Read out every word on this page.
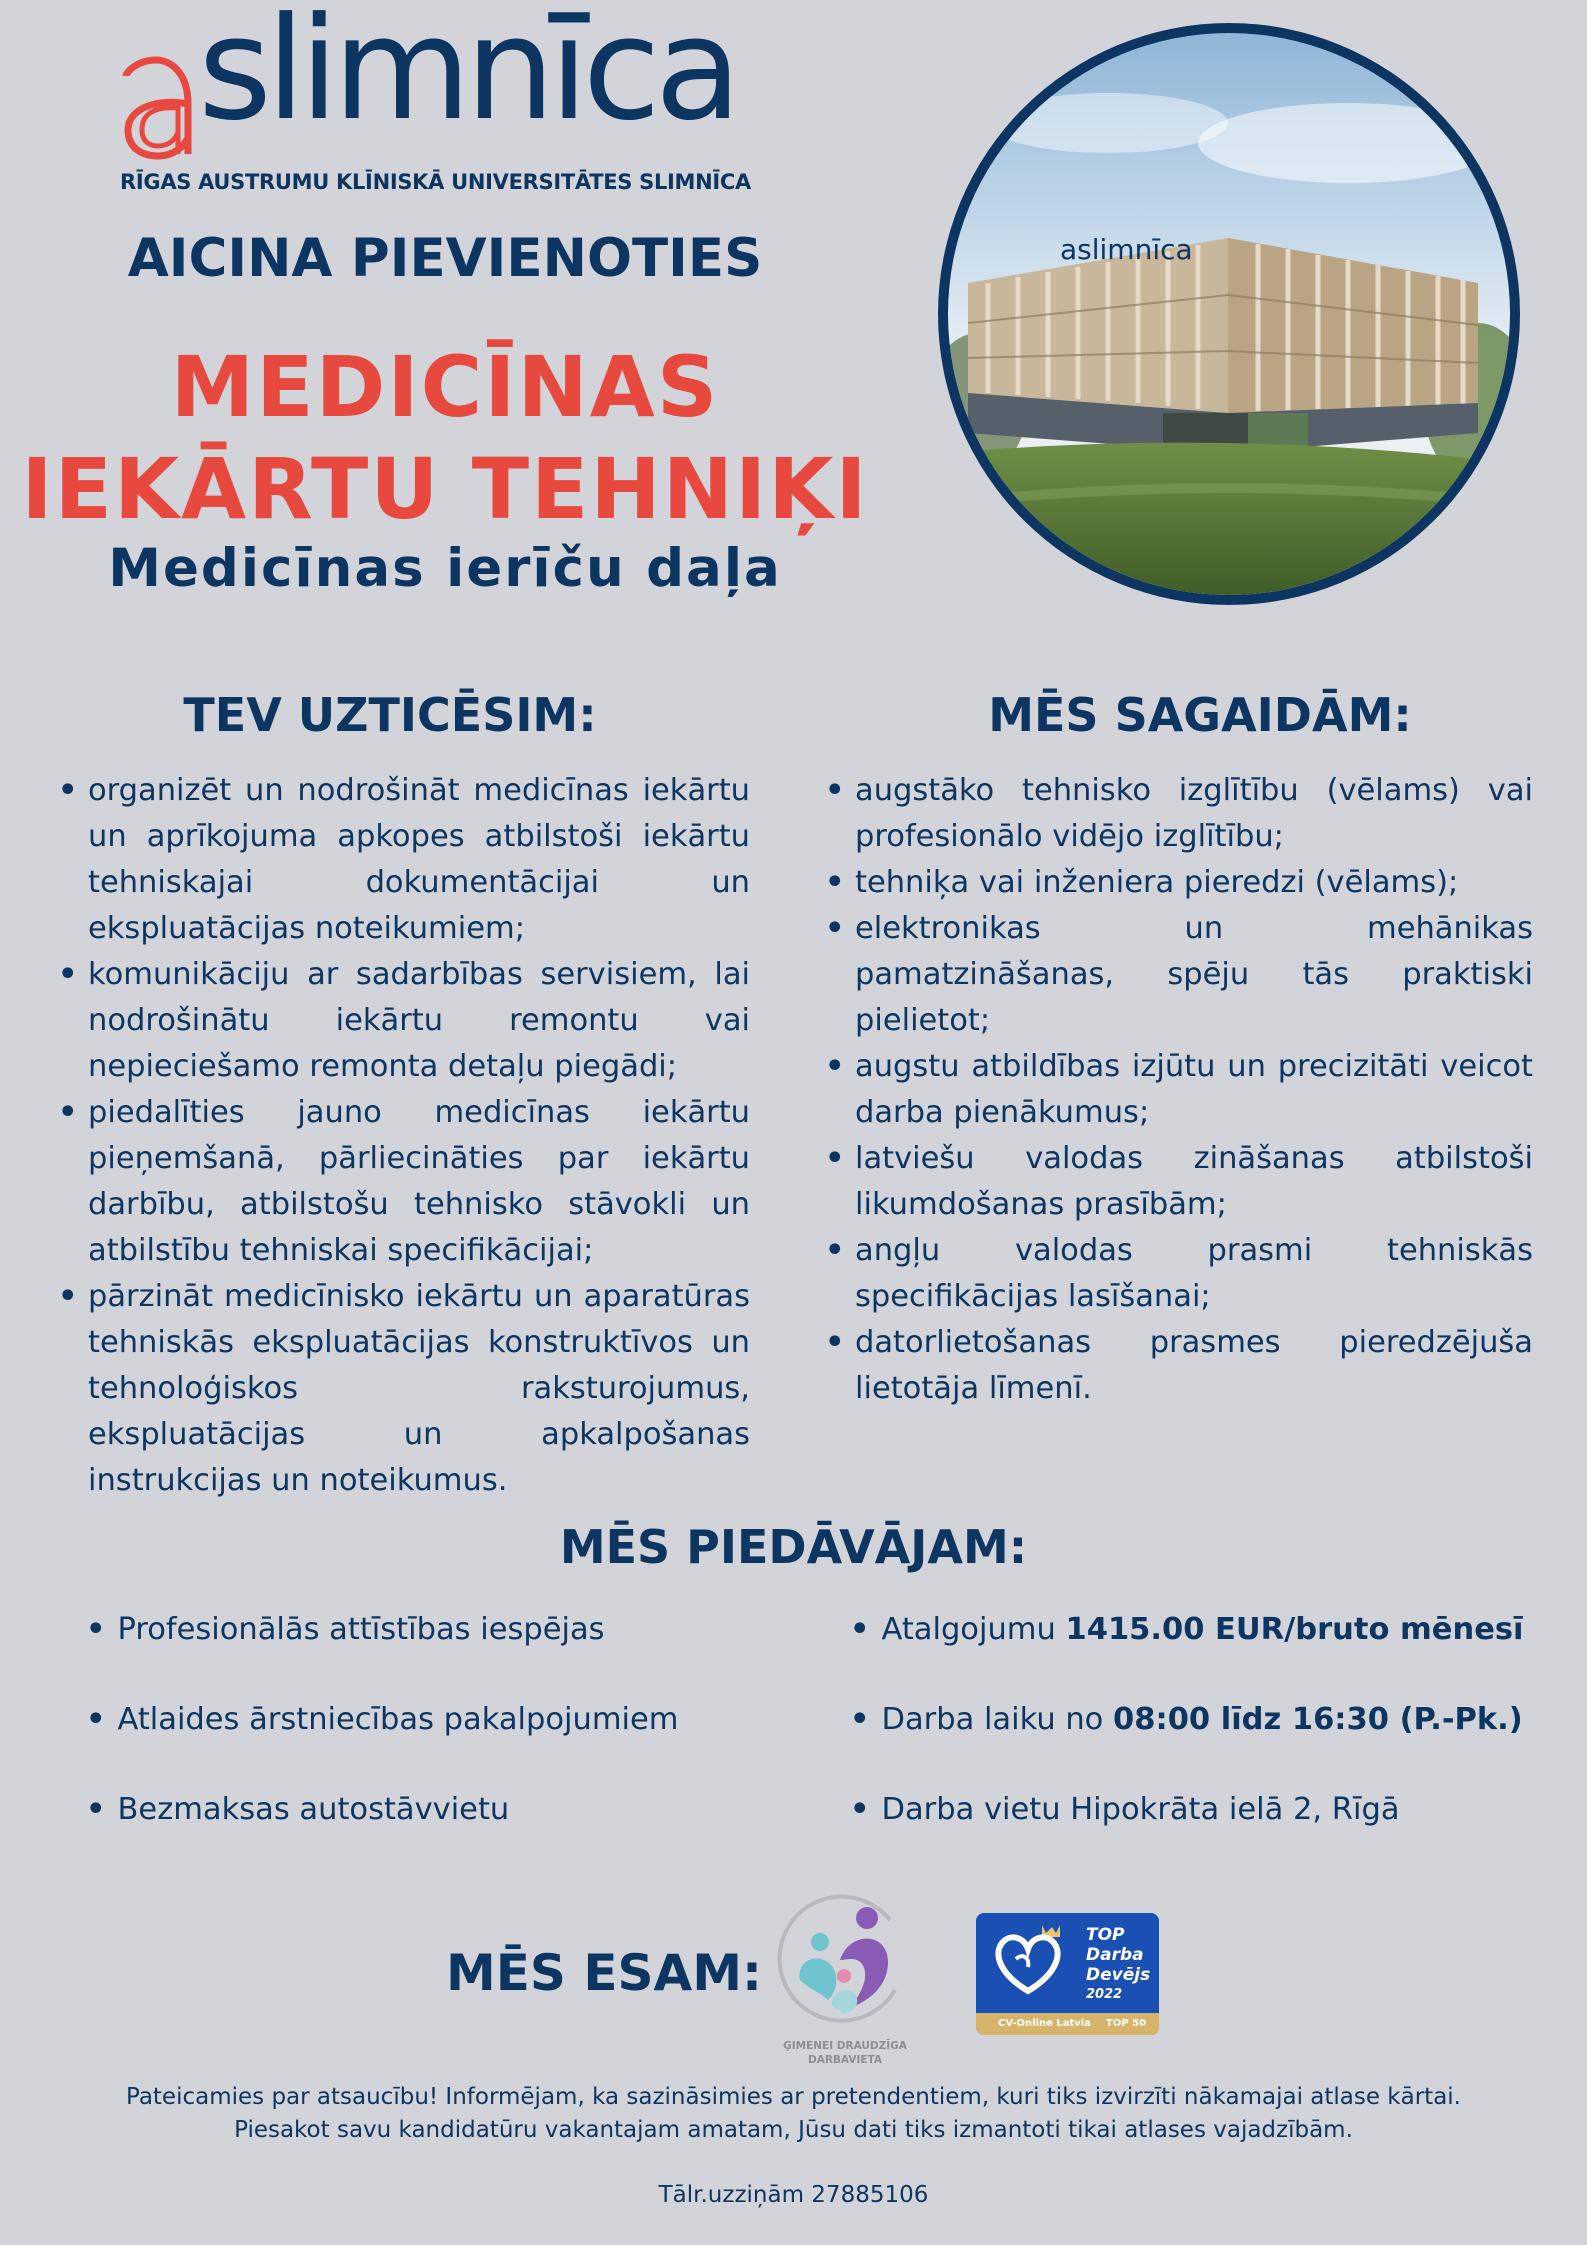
slimnīca
RĪGAS AUSTRUMU KLĪNISKĀ UNIVERSITĀTES SLIMNĪCA
AICINA PIEVIENOTIES
MEDICĪNAS
IEKĀRTU TEHNIĶI
Medicīnas ierīču daļa
aslimnīca
TEV UZTICĒSIM:
• organizēt un nodrošināt medicīnas iekārtu un aprīkojuma apkopes atbilstoši iekārtu tehniskajai dokumentācijai un ekspluatācijas noteikumiem;
• komunikāciju ar sadarbības servisiem, lai nodrošinātu iekārtu remontu vai nepieciešamo remonta detaļu piegādi;
• piedalīties jauno medicīnas iekārtu pieņemšanā, pārliecināties par iekārtu darbību, atbilstošu tehnisko stāvokli un atbilstību tehniskai specifikācijai;
• pārzināt medicīnisko iekārtu un aparatūras tehniskās ekspluatācijas konstruktīvos un tehnoloģiskos raksturojumus, ekspluatācijas un apkalpošanas instrukcijas un noteikumus.
MĒS SAGAIDĀM:
• augstāko tehnisko izglītību (vēlams) vai profesionālo vidējo izglītību;
• tehniķa vai inženiera pieredzi (vēlams);
• elektronikas un mehānikas pamatzināšanas, spēju tās praktiski pielietot;
• augstu atbildības izjūtu un precizitāti veicot darba pienākumus;
• latviešu valodas zināšanas atbilstoši likumdošanas prasībām;
• angļu valodas prasmi tehniskās specifikācijas lasīšanai;
• datorlietošanas prasmes pieredzējuša lietotāja līmenī.
MĒS PIEDĀVĀJAM:
• Profesionālās attīstības iespējas
• Atlaides ārstniecības pakalpojumiem
• Bezmaksas autostāvvietu
• Atalgojumu 1415.00 EUR/bruto mēnesī
• Darba laiku no 08:00 līdz 16:30 (P.-Pk.)
• Darba vietu Hipokrāta ielā 2, Rīgā
MĒS ESAM:
ĢIMENEI DRAUDZĪGA
DARBAVIETA
TOP
Darba
Devējs
2022
CV-Online Latvia TOP 50
Pateicamies par atsaucību! Informējam, ka sazināsimies ar pretendentiem, kuri tiks izvirzīti nākamajai atlase kārtai.
Piesakot savu kandidatūru vakantajam amatam, Jūsu dati tiks izmantoti tikai atlases vajadzībām.
Tālr.uzziņām 27885106
